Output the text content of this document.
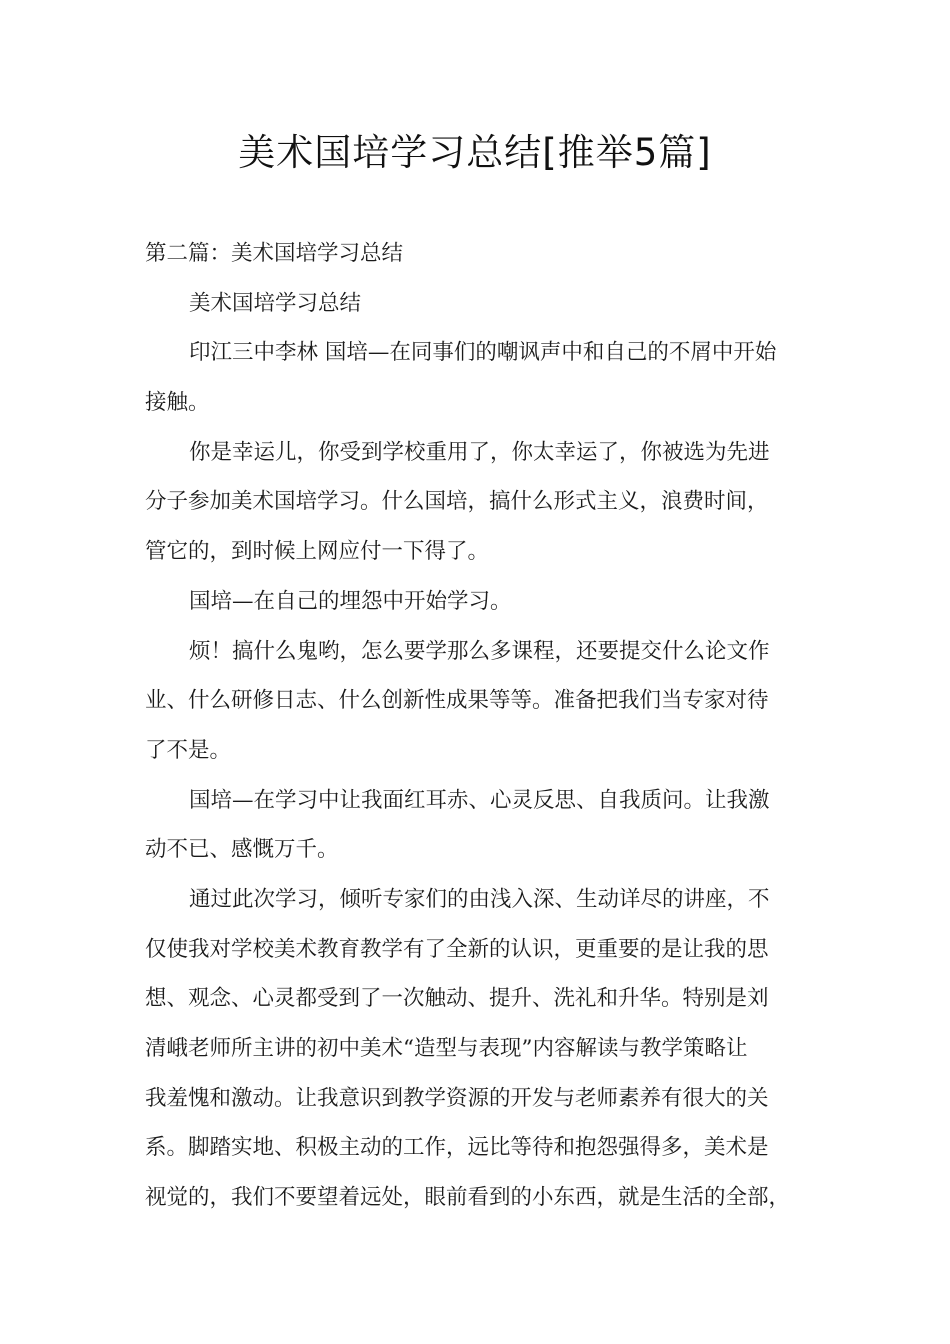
美术国培学习总结[推举5篇]
第二篇：美术国培学习总结
美术国培学习总结
印江三中李林 国培—在同事们的嘲讽声中和自己的不屑中开始
接触。
你是幸运儿，你受到学校重用了，你太幸运了，你被选为先进
分子参加美术国培学习。什么国培，搞什么形式主义，浪费时间，
管它的，到时候上网应付一下得了。
国培—在自己的埋怨中开始学习。
烦！搞什么鬼哟，怎么要学那么多课程，还要提交什么论文作
业、什么研修日志、什么创新性成果等等。准备把我们当专家对待
了不是。
国培—在学习中让我面红耳赤、心灵反思、自我质问。让我激
动不已、感慨万千。
通过此次学习，倾听专家们的由浅入深、生动详尽的讲座，不
仅使我对学校美术教育教学有了全新的认识，更重要的是让我的思
想、观念、心灵都受到了一次触动、提升、洗礼和升华。特别是刘
清峨老师所主讲的初中美术“造型与表现”内容解读与教学策略让
我羞愧和激动。让我意识到教学资源的开发与老师素养有很大的关
系。脚踏实地、积极主动的工作，远比等待和抱怨强得多，美术是
视觉的，我们不要望着远处，眼前看到的小东西，就是生活的全部，
